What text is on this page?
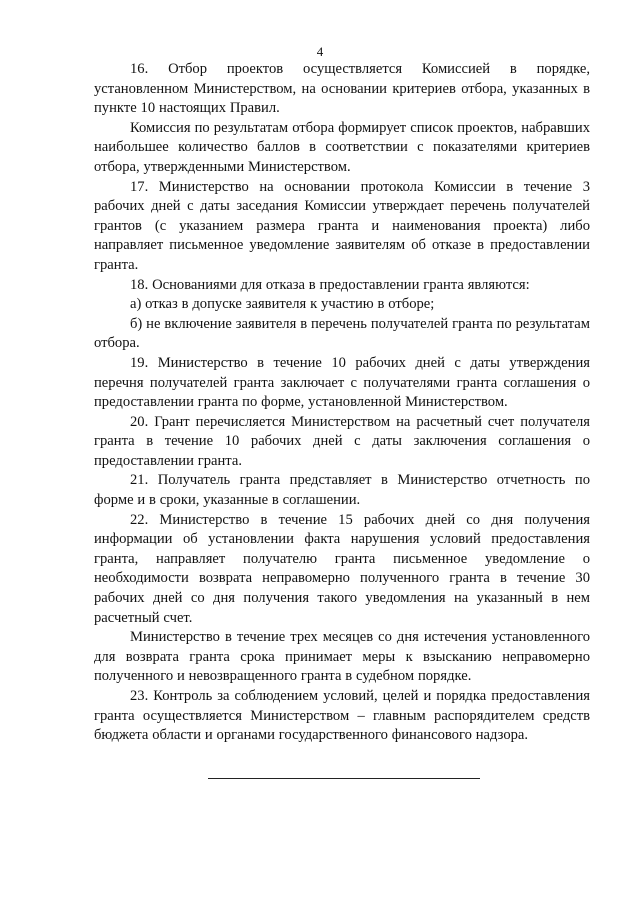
4

16. Отбор проектов осуществляется Комиссией в порядке, установленном Министерством, на основании критериев отбора, указанных в пункте 10 настоящих Правил.

Комиссия по результатам отбора формирует список проектов, набравших наибольшее количество баллов в соответствии с показателями критериев отбора, утвержденными Министерством.

17. Министерство на основании протокола Комиссии в течение 3 рабочих дней с даты заседания Комиссии утверждает перечень получателей грантов (с указанием размера гранта и наименования проекта) либо направляет письменное уведомление заявителям об отказе в предоставлении гранта.

18. Основаниями для отказа в предоставлении гранта являются:

а) отказ в допуске заявителя к участию в отборе;

б) не включение заявителя в перечень получателей гранта по результатам отбора.

19. Министерство в течение 10 рабочих дней с даты утверждения перечня получателей гранта заключает с получателями гранта соглашения о предоставлении гранта по форме, установленной Министерством.

20. Грант перечисляется Министерством на расчетный счет получателя гранта в течение 10 рабочих дней с даты заключения соглашения о предоставлении гранта.

21. Получатель гранта представляет в Министерство отчетность по форме и в сроки, указанные в соглашении.

22. Министерство в течение 15 рабочих дней со дня получения информации об установлении факта нарушения условий предоставления гранта, направляет получателю гранта письменное уведомление о необходимости возврата неправомерно полученного гранта в течение 30 рабочих дней со дня получения такого уведомления на указанный в нем расчетный счет.

Министерство в течение трех месяцев со дня истечения установленного для возврата гранта срока принимает меры к взысканию неправомерно полученного и невозвращенного гранта в судебном порядке.

23. Контроль за соблюдением условий, целей и порядка предоставления гранта осуществляется Министерством – главным распорядителем средств бюджета области и органами государственного финансового надзора.
